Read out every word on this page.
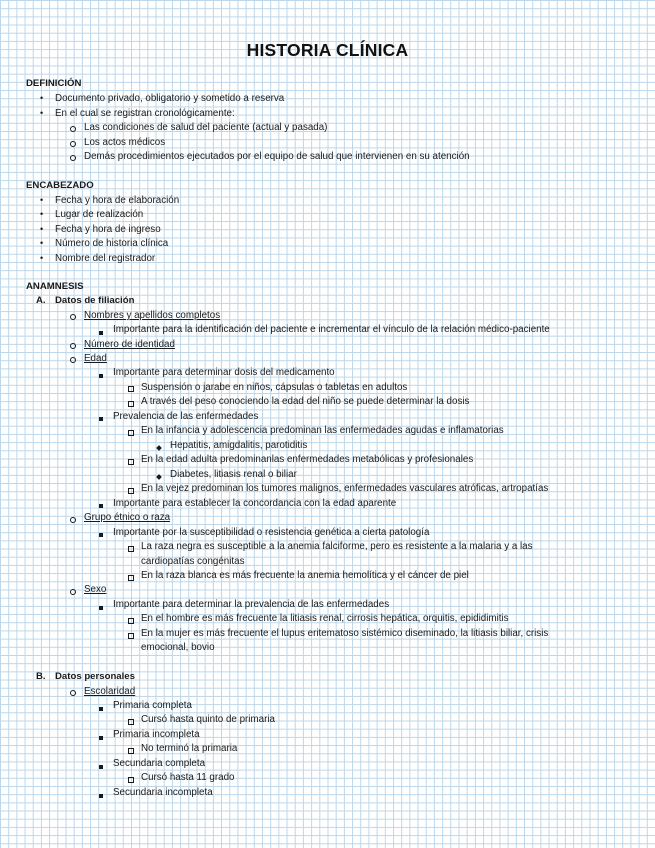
HISTORIA CLÍNICA
DEFINICIÓN
• Documento privado, obligatorio y sometido a reserva
• En el cual se registran cronológicamente:
Las condiciones de salud del paciente (actual y pasada)
Los actos médicos
Demás procedimientos ejecutados por el equipo de salud que intervienen en su atención
ENCABEZADO
• Fecha y hora de elaboración
• Lugar de realización
• Fecha y hora de ingreso
• Número de historia clínica
• Nombre del registrador
ANAMNESIS
A. Datos de filiación
Nombres y apellidos completos
Importante para la identificación del paciente e incrementar el vínculo de la relación médico-paciente
Número de identidad
Edad
Importante para determinar dosis del medicamento
Suspensión o jarabe en niños, cápsulas o tabletas en adultos
A través del peso conociendo la edad del niño se puede determinar la dosis
Prevalencia de las enfermedades
En la infancia y adolescencia predominan las enfermedades agudas e inflamatorias
Hepatitis, amigdalitis, parotiditis
En la edad adulta predominanlas enfermedades metabólicas y profesionales
Diabetes, litiasis renal o biliar
En la vejez predominan los tumores malignos, enfermedades vasculares atróficas, artropatías
Importante para establecer la concordancia con la edad aparente
Grupo étnico o raza
Importante por la susceptibilidad o resistencia genética a cierta patología
La raza negra es susceptible a la anemia falciforme, pero es resistente a la malaria y a las
cardiopatías congénitas
En la raza blanca es más frecuente la anemia hemolítica y el cáncer de piel
Sexo
Importante para determinar la prevalencia de las enfermedades
En el hombre es más frecuente la litiasis renal, cirrosis hepática, orquitis, epididimitis
En la mujer es más frecuente el lupus eritematoso sistémico diseminado, la litiasis biliar, crisis
emocional, bovio
B. Datos personales
Escolaridad
Primaria completa
Cursó hasta quinto de primaria
Primaria incompleta
No terminó la primaria
Secundaria completa
Cursó hasta 11 grado
Secundaria incompleta
